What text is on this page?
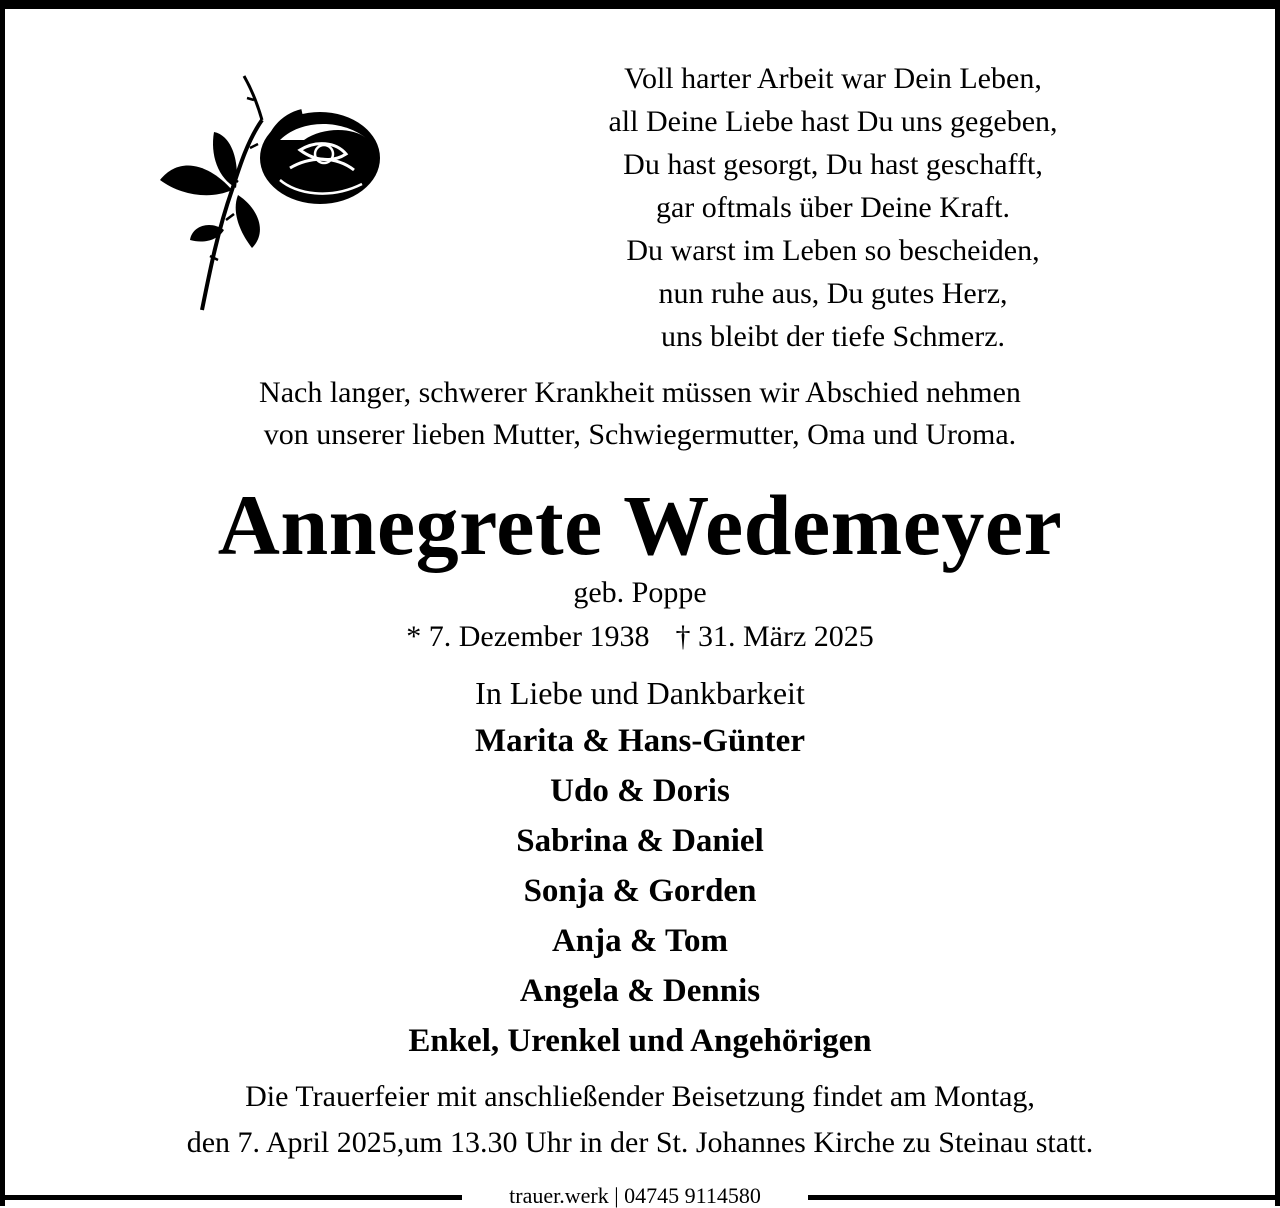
Voll harter Arbeit war Dein Leben,
all Deine Liebe hast Du uns gegeben,
Du hast gesorgt, Du hast geschafft,
gar oftmals über Deine Kraft.
Du warst im Leben so bescheiden,
nun ruhe aus, Du gutes Herz,
uns bleibt der tiefe Schmerz.
Nach langer, schwerer Krankheit müssen wir Abschied nehmen
von unserer lieben Mutter, Schwiegermutter, Oma und Uroma.
Annegrete Wedemeyer
geb. Poppe
* 7. Dezember 1938 † 31. März 2025
In Liebe und Dankbarkeit
Marita & Hans-Günter
Udo & Doris
Sabrina & Daniel
Sonja & Gorden
Anja & Tom
Angela & Dennis
Enkel, Urenkel und Angehörigen
Die Trauerfeier mit anschließender Beisetzung findet am Montag,
den 7. April 2025,um 13.30 Uhr in der St. Johannes Kirche zu Steinau statt.
trauer.werk | 04745 9114580
